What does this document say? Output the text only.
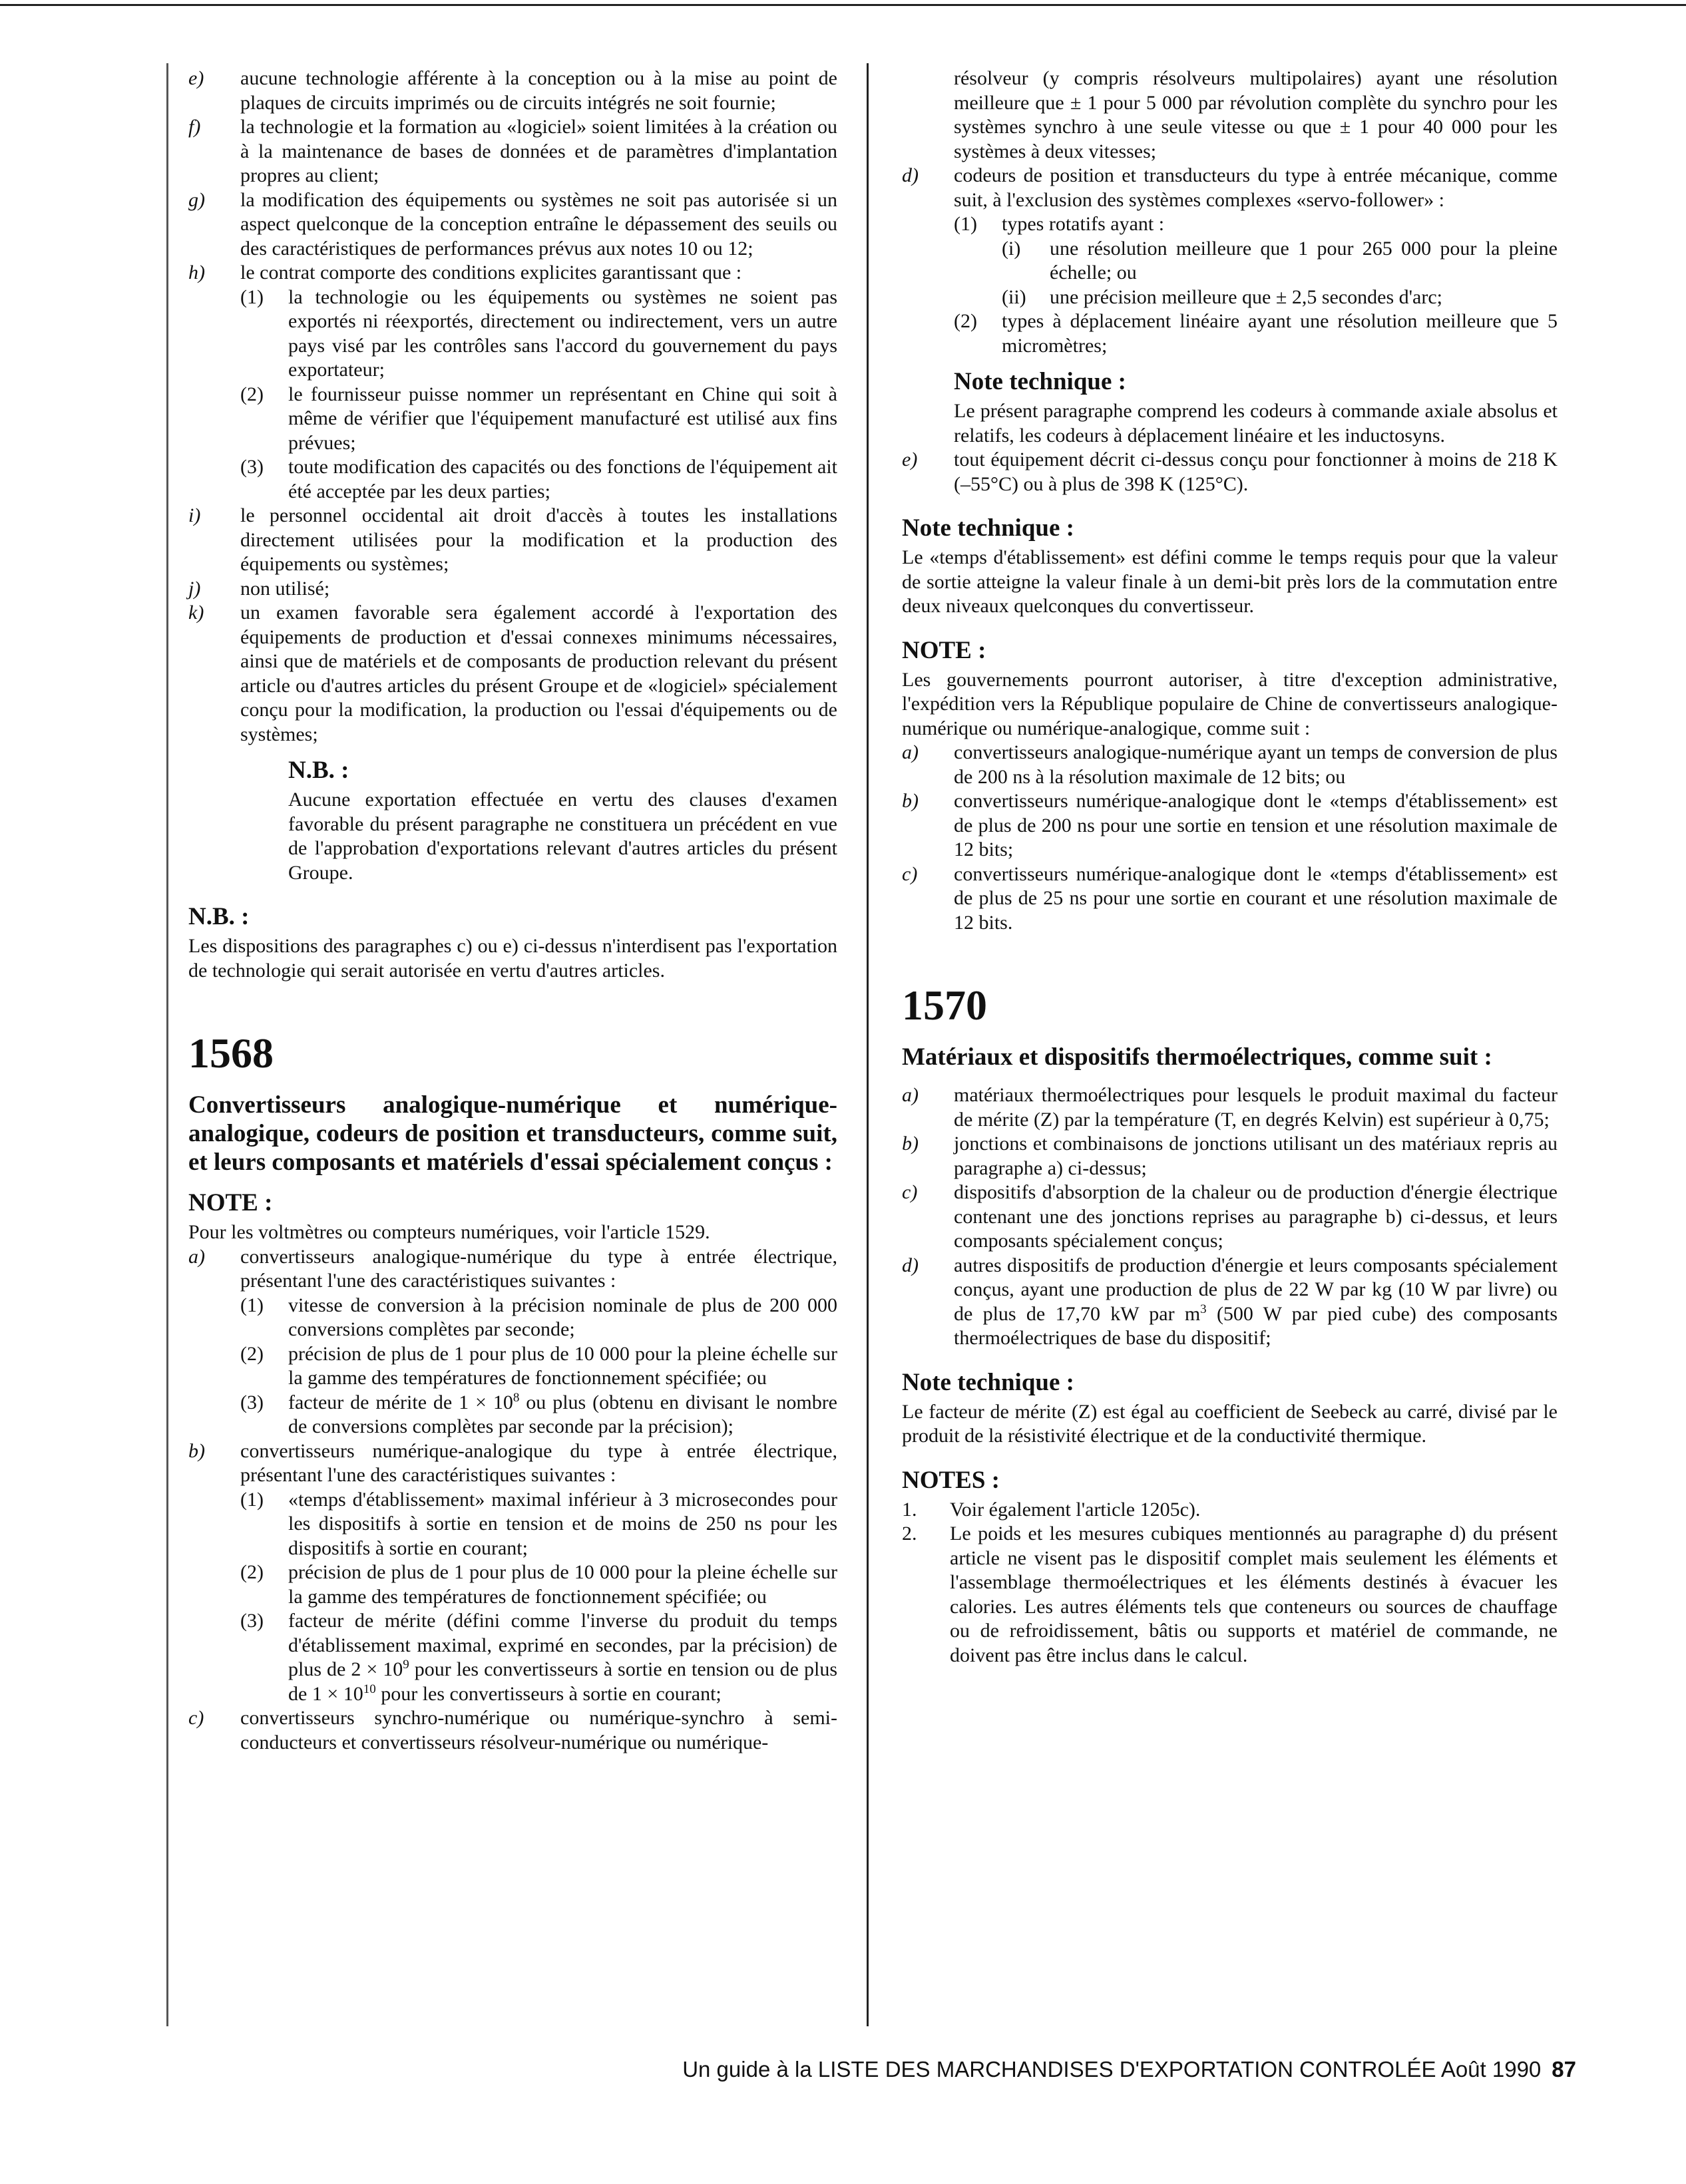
e)	aucune technologie afférente à la conception ou à la mise au point de plaques de circuits imprimés ou de circuits intégrés ne soit fournie;
f)	la technologie et la formation au «logiciel» soient limitées à la création ou à la maintenance de bases de données et de paramètres d'implantation propres au client;
g)	la modification des équipements ou systèmes ne soit pas autorisée si un aspect quelconque de la conception entraîne le dépassement des seuils ou des caractéristiques de performances prévus aux notes 10 ou 12;
h)	le contrat comporte des conditions explicites garantissant que :
(1)	la technologie ou les équipements ou systèmes ne soient pas exportés ni réexportés, directement ou indirectement, vers un autre pays visé par les contrôles sans l'accord du gouvernement du pays exportateur;
(2)	le fournisseur puisse nommer un représentant en Chine qui soit à même de vérifier que l'équipement manufacturé est utilisé aux fins prévues;
(3)	toute modification des capacités ou des fonctions de l'équipement ait été acceptée par les deux parties;
i)	le personnel occidental ait droit d'accès à toutes les installations directement utilisées pour la modification et la production des équipements ou systèmes;
j)	non utilisé;
k)	un examen favorable sera également accordé à l'exportation des équipements de production et d'essai connexes minimums nécessaires, ainsi que de matériels et de composants de production relevant du présent article ou d'autres articles du présent Groupe et de «logiciel» spécialement conçu pour la modification, la production ou l'essai d'équipements ou de systèmes;
N.B. :
Aucune exportation effectuée en vertu des clauses d'examen favorable du présent paragraphe ne constituera un précédent en vue de l'approbation d'exportations relevant d'autres articles du présent Groupe.
N.B. :
Les dispositions des paragraphes c) ou e) ci-dessus n'interdisent pas l'exportation de technologie qui serait autorisée en vertu d'autres articles.
1568
Convertisseurs analogique-numérique et numérique-analogique, codeurs de position et transducteurs, comme suit, et leurs composants et matériels d'essai spécialement conçus :
NOTE :
Pour les voltmètres ou compteurs numériques, voir l'article 1529.
a)	convertisseurs analogique-numérique du type à entrée électrique, présentant l'une des caractéristiques suivantes :
(1)	vitesse de conversion à la précision nominale de plus de 200 000 conversions complètes par seconde;
(2)	précision de plus de 1 pour plus de 10 000 pour la pleine échelle sur la gamme des températures de fonctionnement spécifiée; ou
(3)	facteur de mérite de $1 \times 10^8$ ou plus (obtenu en divisant le nombre de conversions complètes par seconde par la précision);
b)	convertisseurs numérique-analogique du type à entrée électrique, présentant l'une des caractéristiques suivantes :
(1)	«temps d'établissement» maximal inférieur à 3 microsecondes pour les dispositifs à sortie en tension et de moins de 250 ns pour les dispositifs à sortie en courant;
(2)	précision de plus de 1 pour plus de 10 000 pour la pleine échelle sur la gamme des températures de fonctionnement spécifiée; ou
(3)	facteur de mérite (défini comme l'inverse du produit du temps d'établissement maximal, exprimé en secondes, par la précision) de plus de $2 \times 10^9$ pour les convertisseurs à sortie en tension ou de plus de $1 \times 10^{10}$ pour les convertisseurs à sortie en courant;
c)	convertisseurs synchro-numérique ou numérique-synchro à semi-conducteurs et convertisseurs résolveur-numérique ou numérique-
résolveur (y compris résolveurs multipolaires) ayant une résolution meilleure que ± 1 pour 5 000 par révolution complète du synchro pour les systèmes synchro à une seule vitesse ou que ± 1 pour 40 000 pour les systèmes à deux vitesses;
d)	codeurs de position et transducteurs du type à entrée mécanique, comme suit, à l'exclusion des systèmes complexes «servo-follower» :
(1)	types rotatifs ayant :
(i)	une résolution meilleure que 1 pour 265 000 pour la pleine échelle; ou
(ii)	une précision meilleure que ± 2,5 secondes d'arc;
(2)	types à déplacement linéaire ayant une résolution meilleure que 5 micromètres;
Note technique :
Le présent paragraphe comprend les codeurs à commande axiale absolus et relatifs, les codeurs à déplacement linéaire et les inductosyns.
e)	tout équipement décrit ci-dessus conçu pour fonctionner à moins de 218 K (–55°C) ou à plus de 398 K (125°C).
Note technique :
Le «temps d'établissement» est défini comme le temps requis pour que la valeur de sortie atteigne la valeur finale à un demi-bit près lors de la commutation entre deux niveaux quelconques du convertisseur.
NOTE :
Les gouvernements pourront autoriser, à titre d'exception administrative, l'expédition vers la République populaire de Chine de convertisseurs analogique-numérique ou numérique-analogique, comme suit :
a)	convertisseurs analogique-numérique ayant un temps de conversion de plus de 200 ns à la résolution maximale de 12 bits; ou
b)	convertisseurs numérique-analogique dont le «temps d'établissement» est de plus de 200 ns pour une sortie en tension et une résolution maximale de 12 bits;
c)	convertisseurs numérique-analogique dont le «temps d'établissement» est de plus de 25 ns pour une sortie en courant et une résolution maximale de 12 bits.
1570
Matériaux et dispositifs thermoélectriques, comme suit :
a)	matériaux thermoélectriques pour lesquels le produit maximal du facteur de mérite (Z) par la température (T, en degrés Kelvin) est supérieur à 0,75;
b)	jonctions et combinaisons de jonctions utilisant un des matériaux repris au paragraphe a) ci-dessus;
c)	dispositifs d'absorption de la chaleur ou de production d'énergie électrique contenant une des jonctions reprises au paragraphe b) ci-dessus, et leurs composants spécialement conçus;
d)	autres dispositifs de production d'énergie et leurs composants spécialement conçus, ayant une production de plus de 22 W par kg (10 W par livre) ou de plus de 17,70 kW par $m^3$ (500 W par pied cube) des composants thermoélectriques de base du dispositif;
Note technique :
Le facteur de mérite (Z) est égal au coefficient de Seebeck au carré, divisé par le produit de la résistivité électrique et de la conductivité thermique.
NOTES :
1.	Voir également l'article 1205c).
2.	Le poids et les mesures cubiques mentionnés au paragraphe d) du présent article ne visent pas le dispositif complet mais seulement les éléments et l'assemblage thermoélectriques et les éléments destinés à évacuer les calories. Les autres éléments tels que conteneurs ou sources de chauffage ou de refroidissement, bâtis ou supports et matériel de commande, ne doivent pas être inclus dans le calcul.
Un guide à la LISTE DES MARCHANDISES D'EXPORTATION CONTROLÉE Août 1990 87
